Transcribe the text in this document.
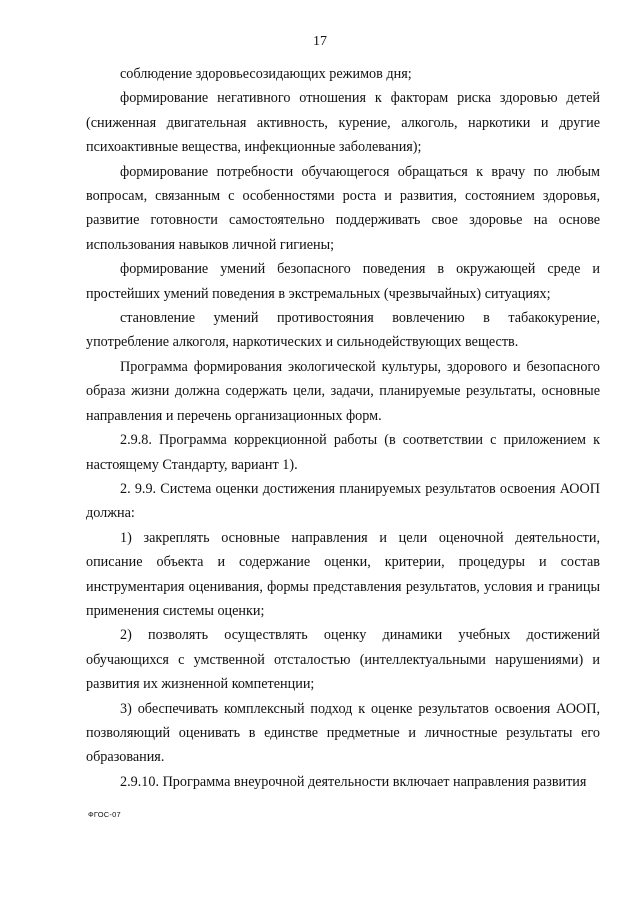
17

соблюдение здоровьесозидающих режимов дня;

формирование негативного отношения к факторам риска здоровью детей (сниженная двигательная активность, курение, алкоголь, наркотики и другие психоактивные вещества, инфекционные заболевания);

формирование потребности обучающегося обращаться к врачу по любым вопросам, связанным с особенностями роста и развития, состоянием здоровья, развитие готовности самостоятельно поддерживать свое здоровье на основе использования навыков личной гигиены;

формирование умений безопасного поведения в окружающей среде и простейших умений поведения в экстремальных (чрезвычайных) ситуациях;

становление умений противостояния вовлечению в табакокурение, употребление алкоголя, наркотических и сильнодействующих веществ.

Программа формирования экологической культуры, здорового и безопасного образа жизни должна содержать цели, задачи, планируемые результаты, основные направления и перечень организационных форм.

2.9.8. Программа коррекционной работы (в соответствии с приложением к настоящему Стандарту, вариант 1).

2. 9.9. Система оценки достижения планируемых результатов освоения АООП должна:

1) закреплять основные направления и цели оценочной деятельности, описание объекта и содержание оценки, критерии, процедуры и состав инструментария оценивания, формы представления результатов, условия и границы применения системы оценки;

2) позволять осуществлять оценку динамики учебных достижений обучающихся с умственной отсталостью (интеллектуальными нарушениями) и развития их жизненной компетенции;

3) обеспечивать комплексный подход к оценке результатов освоения АООП, позволяющий оценивать в единстве предметные и личностные результаты его образования.

2.9.10. Программа внеурочной деятельности включает направления развития

ФГОС-07
